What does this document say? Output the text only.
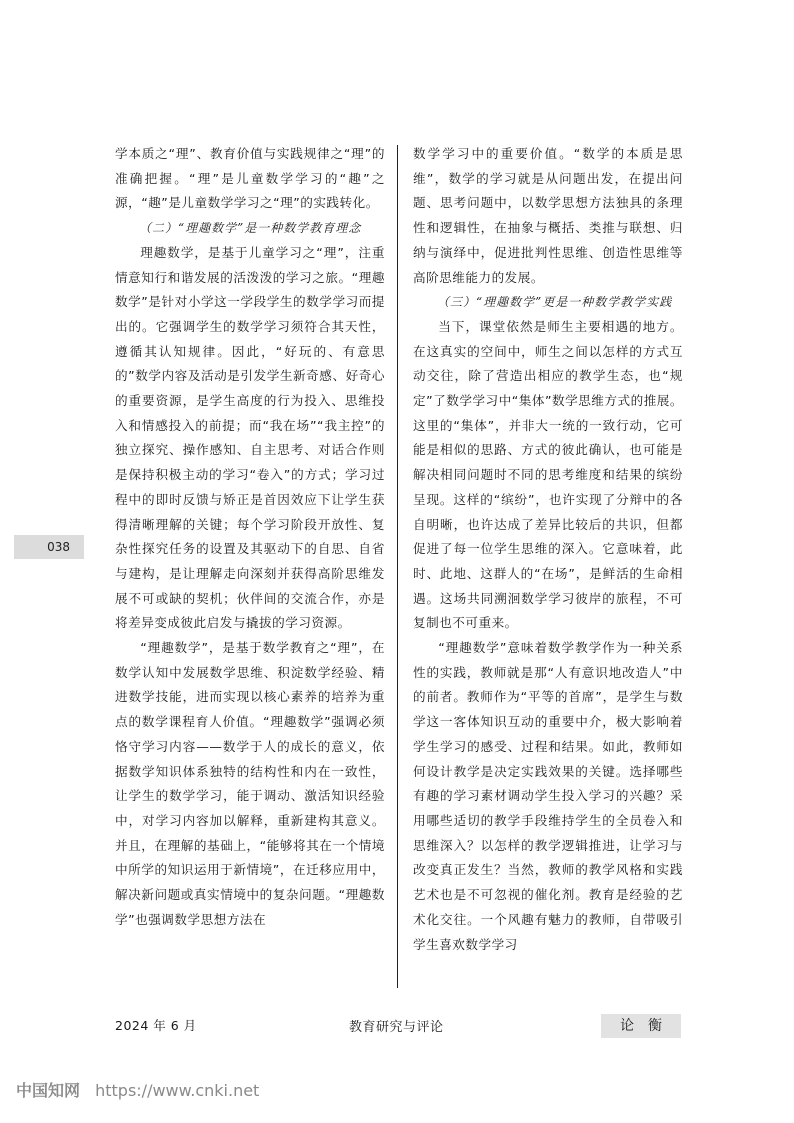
038

学本质之“理”、教育价值与实践规律之“理”的准确把握。“理”是儿童数学学习的“趣”之源，“趣”是儿童数学学习之“理”的实践转化。

（二）“理趣数学”是一种数学教育理念

理趣数学，是基于儿童学习之“理”，注重情意知行和谐发展的活泼泼的学习之旅。“理趣数学”是针对小学这一学段学生的数学学习而提出的。它强调学生的数学学习须符合其天性，遵循其认知规律。因此，“好玩的、有意思的”数学内容及活动是引发学生新奇感、好奇心的重要资源，是学生高度的行为投入、思维投入和情感投入的前提；而“我在场”“我主控”的独立探究、操作感知、自主思考、对话合作则是保持积极主动的学习“卷入”的方式；学习过程中的即时反馈与矫正是首因效应下让学生获得清晰理解的关键；每个学习阶段开放性、复杂性探究任务的设置及其驱动下的自思、自省与建构，是让理解走向深刻并获得高阶思维发展不可或缺的契机；伙伴间的交流合作，亦是将差异变成彼此启发与撬拔的学习资源。

“理趣数学”，是基于数学教育之“理”，在数学认知中发展数学思维、积淀数学经验、精进数学技能，进而实现以核心素养的培养为重点的数学课程育人价值。“理趣数学”强调必须恪守学习内容——数学于人的成长的意义，依据数学知识体系独特的结构性和内在一致性，让学生的数学学习，能于调动、激活知识经验中，对学习内容加以解释，重新建构其意义。并且，在理解的基础上，“能够将其在一个情境中所学的知识运用于新情境”，在迁移应用中，解决新问题或真实情境中的复杂问题。“理趣数学”也强调数学思想方法在

数学学习中的重要价值。“数学的本质是思维”，数学的学习就是从问题出发，在提出问题、思考问题中，以数学思想方法独具的条理性和逻辑性，在抽象与概括、类推与联想、归纳与演绎中，促进批判性思维、创造性思维等高阶思维能力的发展。

（三）“理趣数学”更是一种数学教学实践

当下，课堂依然是师生主要相遇的地方。在这真实的空间中，师生之间以怎样的方式互动交往，除了营造出相应的教学生态，也“规定”了数学学习中“集体”数学思维方式的推展。这里的“集体”，并非大一统的一致行动，它可能是相似的思路、方式的彼此确认，也可能是解决相同问题时不同的思考维度和结果的缤纷呈现。这样的“缤纷”，也许实现了分辩中的各自明晰，也许达成了差异比较后的共识，但都促进了每一位学生思维的深入。它意味着，此时、此地、这群人的“在场”，是鲜活的生命相遇。这场共同溯洄数学学习彼岸的旅程，不可复制也不可重来。

“理趣数学”意味着数学教学作为一种关系性的实践，教师就是那“人有意识地改造人”中的前者。教师作为“平等的首席”，是学生与数学这一客体知识互动的重要中介，极大影响着学生学习的感受、过程和结果。如此，教师如何设计教学是决定实践效果的关键。选择哪些有趣的学习素材调动学生投入学习的兴趣？采用哪些适切的教学手段维持学生的全员卷入和思维深入？以怎样的教学逻辑推进，让学习与改变真正发生？当然，教师的教学风格和实践艺术也是不可忽视的催化剂。教育是经验的艺术化交往。一个风趣有魅力的教师，自带吸引学生喜欢数学学习

2024 年 6 月	教育研究与评论	论衡
中国知网 https://www.cnki.net
